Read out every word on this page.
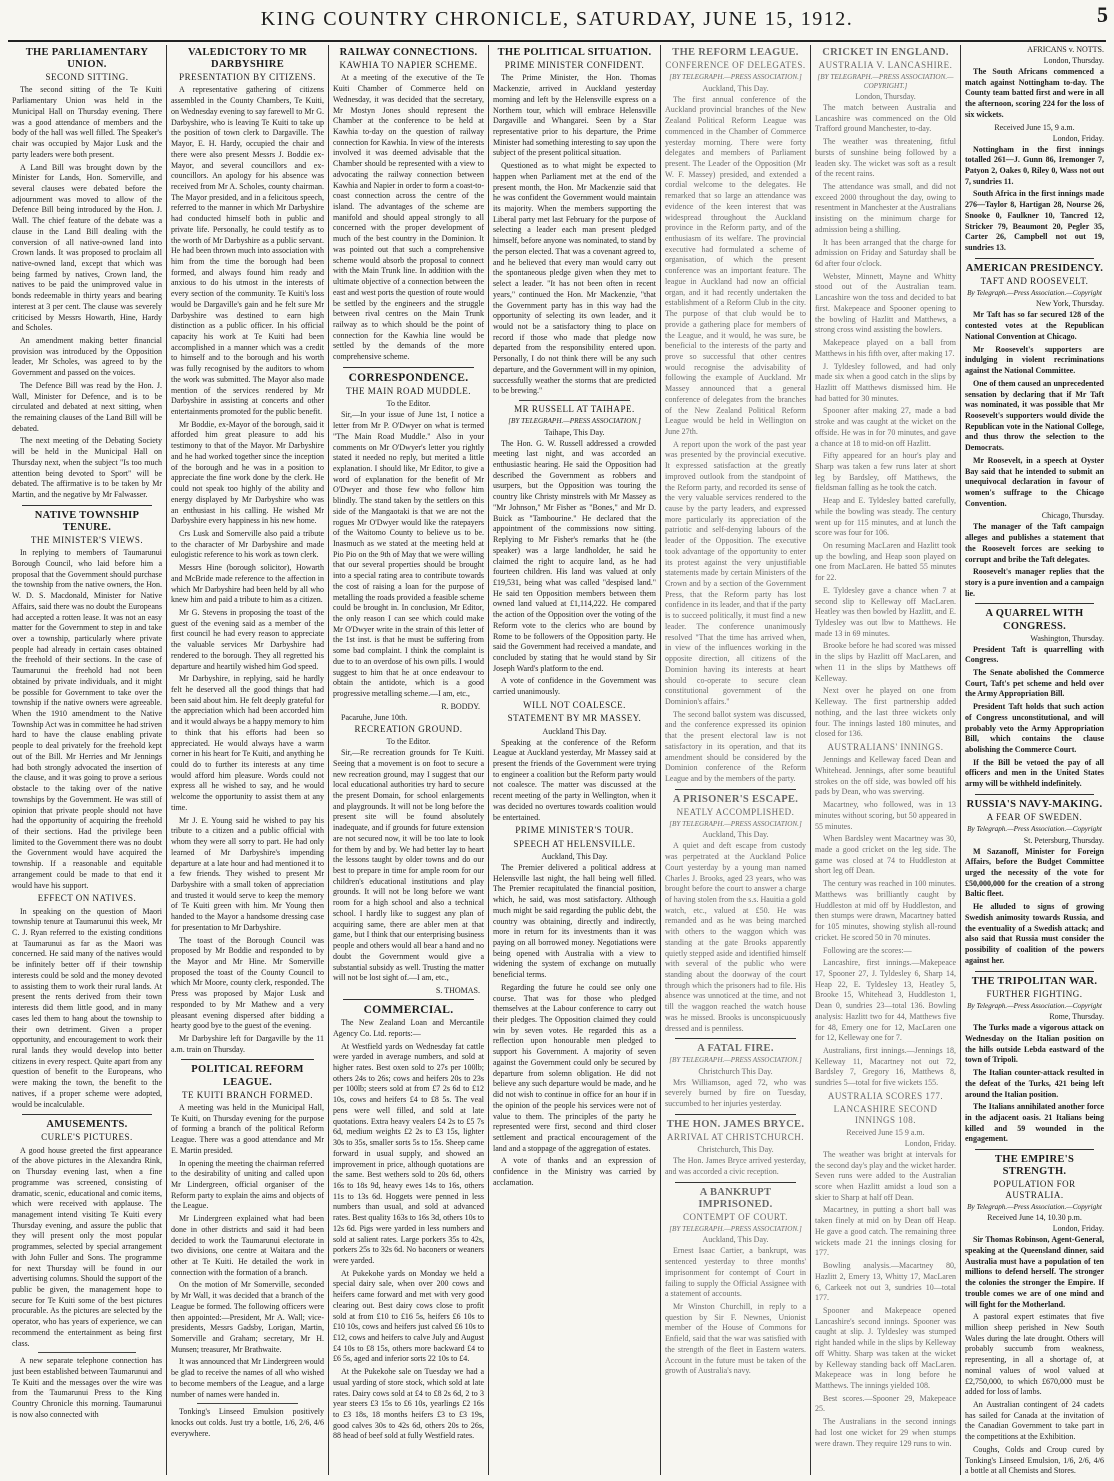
KING COUNTRY CHRONICLE, SATURDAY, JUNE 15, 1912.	5
THE PARLIAMENTARY UNION.
SECOND SITTING.

The second sitting of the Te Kuiti Parliamentary Union was held in the Municipal Hall on Thursday evening. There was a good attendance of members and the body of the hall was well filled. The Speaker's chair was occupied by Major Lusk and the party leaders were both present.

A Land Bill was brought down by the Minister for Lands, Hon. Somerville, and several clauses were debated before the adjournment was moved to allow of the Defence Bill being introduced by the Hon. J. Wall. The chief feature of the debate was a clause in the Land Bill dealing with the conversion of all native-owned land into Crown lands. It was proposed to proclaim all native-owned land, except that which was being farmed by natives, Crown land, the natives to be paid the unimproved value in bonds redeemable in thirty years and bearing interest at 3 per cent. The clause was severely criticised by Messrs Howarth, Hine, Hardy and Scholes.

An amendment making better financial provision was introduced by the Opposition leader, Mr Scholes, was agreed to by the Government and passed on the voices.

The Defence Bill was read by the Hon. J. Wall, Minister for Defence, and is to be circulated and debated at next sitting, when the remaining clauses of the Land Bill will be debated.

The next meeting of the Debating Society will be held in the Municipal Hall on Thursday next, when the subject "Is too much attention being devoted to Sport" will be debated. The affirmative is to be taken by Mr Martin, and the negative by Mr Falwasser.

NATIVE TOWNSHIP TENURE.
THE MINISTER'S VIEWS.

In replying to members of Taumarunui Borough Council, who laid before him a proposal that the Government should purchase the township from the native owners, the Hon. W. D. S. Macdonald, Minister for Native Affairs, said there was no doubt the Europeans had accepted a rotten lease. It was not an easy matter for the Government to step in and take over a township, particularly where private people had already in certain cases obtained the freehold of their sections. In the case of Taumarunui the freehold had not been obtained by private individuals, and it might be possible for Government to take over the township if the native owners were agreeable. When the 1910 amendment to the Native Township Act was in committee he had striven hard to have the clause enabling private people to deal privately for the freehold kept out of the Bill. Mr Herries and Mr Jennings had both strongly advocated the insertion of the clause, and it was going to prove a serious obstacle to the taking over of the native townships by the Government. He was still of opinion that private people should not have had the opportunity of acquiring the freehold of their sections. Had the privilege been limited to the Government there was no doubt the Government would have acquired the township. If a reasonable and equitable arrangement could be made to that end it would have his support.

EFFECT ON NATIVES.

In speaking on the question of Maori township tenure at Taumarunui this week, Mr C. J. Ryan referred to the existing conditions at Taumarunui as far as the Maori was concerned. He said many of the natives would be infinitely better off if their township interests could be sold and the money devoted to assisting them to work their rural lands. At present the rents derived from their town interests did them little good, and in many cases led them to hang about the township to their own detriment. Given a proper opportunity, and encouragement to work their rural lands they would develop into better citizens in every respect. Quite apart from any question of benefit to the Europeans, who were making the town, the benefit to the natives, if a proper scheme were adopted, would be incalculable.

AMUSEMENTS.
CURLE'S PICTURES.

A good house greeted the first appearance of the above pictures in the Alexandra Rink, on Thursday evening last, when a fine programme was screened, consisting of dramatic, scenic, educational and comic items, which were received with applause. The management intend visiting Te Kuiti every Thursday evening, and assure the public that they will present only the most popular programmes, selected by special arrangement with John Fuller and Sons. The programme for next Thursday will be found in our advertising columns. Should the support of the public be given, the management hope to secure for Te Kuiti some of the best pictures procurable. As the pictures are selected by the operator, who has years of experience, we can recommend the entertainment as being first class.

A new separate telephone connection has just been established between Taumarunui and Te Kuiti and the messages over the wire was from the Taumarunui Press to the King Country Chronicle this morning. Taumarunui is now also connected with

VALEDICTORY TO MR DARBYSHIRE
PRESENTATION BY CITIZENS.

A representative gathering of citizens assembled in the County Chambers, Te Kuiti, on Wednesday evening to say farewell to Mr G. Darbyshire, who is leaving Te Kuiti to take up the position of town clerk to Dargaville. The Mayor, E. H. Hardy, occupied the chair and there were also present Messrs J. Boddie ex-Mayor, and several councillors and ex-councillors. An apology for his absence was received from Mr A. Scholes, county chairman. The Mayor presided, and in a felicitous speech, referred to the manner in which Mr Darbyshire had conducted himself both in public and private life. Personally, he could testify as to the worth of Mr Darbyshire as a public servant. He had been thrown much into association with him from the time the borough had been formed, and always found him ready and anxious to do his utmost in the interests of every section of the community. Te Kuiti's loss would be Dargaville's gain and he felt sure Mr Darbyshire was destined to earn high distinction as a public officer. In his official capacity his work at Te Kuiti had been accomplished in a manner which was a credit to himself and to the borough and his worth was fully recognised by the auditors to whom the work was submitted. The Mayor also made mention of the services rendered by Mr Darbyshire in assisting at concerts and other entertainments promoted for the public benefit.

Mr Boddie, ex-Mayor of the borough, said it afforded him great pleasure to add his testimony to that of the Mayor. Mr Darbyshire and he had worked together since the inception of the borough and he was in a position to appreciate the fine work done by the clerk. He could not speak too highly of the ability and energy displayed by Mr Darbyshire who was an enthusiast in his calling. He wished Mr Darbyshire every happiness in his new home.

Crs Lusk and Somerville also paid a tribute to the character of Mr Darbyshire and made eulogistic reference to his work as town clerk.

Messrs Hine (borough solicitor), Howarth and McBride made reference to the affection in which Mr Darbyshire had been held by all who knew him and paid a tribute to him as a citizen.

Mr G. Stevens in proposing the toast of the guest of the evening said as a member of the first council he had every reason to appreciate the valuable services Mr Darbyshire had rendered to the borough. They all regretted his departure and heartily wished him God speed.

Mr Darbyshire, in replying, said he hardly felt he deserved all the good things that had been said about him. He felt deeply grateful for the appreciation which had been accorded him and it would always be a happy memory to him to think that his efforts had been so appreciated. He would always have a warm corner in his heart for Te Kuiti, and anything he could do to further its interests at any time would afford him pleasure. Words could not express all he wished to say, and he would welcome the opportunity to assist them at any time.

Mr J. E. Young said he wished to pay his tribute to a citizen and a public official with whom they were all sorry to part. He had only learned of Mr Darbyshire's impending departure at a late hour and had mentioned it to a few friends. They wished to present Mr Darbyshire with a small token of appreciation and trusted it would serve to keep the memory of Te Kuiti green with him. Mr Young then handed to the Mayor a handsome dressing case for presentation to Mr Darbyshire.

The toast of the Borough Council was proposed by Mr Boddie and responded to by the Mayor and Mr Hine. Mr Somerville proposed the toast of the County Council to which Mr Moore, county clerk, responded. The Press was proposed by Major Lusk and responded to by Mr Mathew and a very pleasant evening dispersed after bidding a hearty good bye to the guest of the evening.

Mr Darbyshire left for Dargaville by the 11 a.m. train on Thursday.

POLITICAL REFORM LEAGUE.
TE KUITI BRANCH FORMED.

A meeting was held in the Municipal Hall, Te Kuiti, on Thursday evening for the purpose of forming a branch of the political Reform League. There was a good attendance and Mr E. Martin presided.

In opening the meeting the chairman referred to the desirability of uniting and called upon Mr Lindergreen, official organiser of the Reform party to explain the aims and objects of the League.

Mr Lindergreen explained what had been done in other districts and said it had been decided to work the Taumarunui electorate in two divisions, one centre at Waitara and the other at Te Kuiti. He detailed the work in connection with the formation of a branch.

On the motion of Mr Somerville, seconded by Mr Wall, it was decided that a branch of the League be formed. The following officers were then appointed:—President, Mr A. Wall; vice-presidents, Messrs Gadsby, Lorigan, Martin, Somerville and Graham; secretary, Mr H. Munsen; treasurer, Mr Brathwaite.

It was announced that Mr Lindergreen would be glad to receive the names of all who wished to become members of the League, and a large number of names were handed in.

Tonking's Linseed Emulsion positively knocks out colds. Just try a bottle, 1/6, 2/6, 4/6 everywhere.

RAILWAY CONNECTIONS.
KAWHIA TO NAPIER SCHEME.

At a meeting of the executive of the Te Kuiti Chamber of Commerce held on Wednesday, it was decided that the secretary, Mr Mostyn Jones should represent the Chamber at the conference to be held at Kawhia to-day on the question of railway connection for Kawhia. In view of the interests involved it was deemed advisable that the Chamber should be represented with a view to advocating the railway connection between Kawhia and Napier in order to form a coast-to-coast connection across the centre of the island. The advantages of the scheme are manifold and should appeal strongly to all concerned with the proper development of much of the best country in the Dominion. It was pointed out that such a comprehensive scheme would absorb the proposal to connect with the Main Trunk line. In addition with the ultimate objective of a connection between the east and west ports the question of route would be settled by the engineers and the struggle between rival centres on the Main Trunk railway as to which should be the point of connection for the Kawhia line would be settled by the demands of the more comprehensive scheme.

CORRESPONDENCE.
THE MAIN ROAD MUDDLE.
To the Editor.

Sir,—In your issue of June 1st, I notice a letter from Mr P. O'Dwyer on what is termed "The Main Road Muddle." Also in your comments on Mr O'Dwyer's letter you rightly stated it needed no reply, but merited a little explanation. I should like, Mr Editor, to give a word of explanation for the benefit of Mr O'Dwyer and those few who follow him blindly. The stand taken by the settlers on this side of the Mangaotaki is that we are not the rogues Mr O'Dwyer would like the ratepayers of the Waitomo County to believe us to be. Inasmuch as we stated at the meeting held at Pio Pio on the 9th of May that we were willing that our several properties should be brought into a special rating area to contribute towards the cost of raising a loan for the purpose of metalling the roads provided a feasible scheme could be brought in. In conclusion, Mr Editor, the only reason I can see which could make Mr O'Dwyer write in the strain of this letter of the 1st inst. is that he must be suffering from some bad complaint. I think the complaint is due to to an overdose of his own pills. I would suggest to him that he at once endeavour to obtain the antidote, which is a good progressive metalling scheme.—I am, etc.,

R. BODDY.
Pacaruhe, June 10th.
RECREATION GROUND.
To the Editor.

Sir,—Re recreation grounds for Te Kuiti. Seeing that a movement is on foot to secure a new recreation ground, may I suggest that our local educational authorities try hard to secure the present Domain, for school enlargements and playgrounds. It will not be long before the present site will be found absolutely inadequate, and if grounds for future extension are not secured now, it will be too late to look for them by and by. We had better lay to heart the lessons taught by older towns and do our best to prepare in time for ample room for our children's educational institutions and play grounds. It will not be long before we want room for a high school and also a technical school. I hardly like to suggest any plan of acquiring same, there are abler men at that game, but I think that our enterprising business people and others would all bear a hand and no doubt the Government would give a substantial subsidy as well. Trusting the matter will not be lost sight of.—I am, etc.,

S. THOMAS.
COMMERCIAL.

The New Zealand Loan and Mercantile Agency Co. Ltd. reports:—

At Westfield yards on Wednesday fat cattle were yarded in average numbers, and sold at higher rates. Best oxen sold to 27s per 100lb; others 24s to 26s; cows and heifers 20s to 23s per 100lb; steers sold at from £7 2s 6d to £12 10s, cows and heifers £4 to £8 5s. The veal pens were well filled, and sold at late quotations. Extra heavy vealers £4 2s to £5 7s 6d, medium weights £2 2s to £3 15s, lighter 30s to 35s, smaller sorts 5s to 15s. Sheep came forward in usual supply, and showed an improvement in price, although quotations are the same. Best wethers sold to 20s 6d, others 16s to 18s 9d, heavy ewes 14s to 16s, others 11s to 13s 6d. Hoggets were penned in less numbers than usual, and sold at advanced rates. Best quality 163s to 16s 3d, others 10s to 12s 6d. Pigs were yarded in less numbers and sold at salient rates. Large porkers 35s to 42s, porkers 25s to 32s 6d. No baconers or weaners were yarded.

At Pukekohe yards on Monday we held a special dairy sale, when over 200 cows and heifers came forward and met with very good clearing out. Best dairy cows close to profit sold at from £10 to £16 5s, heifers £6 10s to £10 10s, cows and heifers just calved £6 10s to £12, cows and heifers to calve July and August £4 10s to £8 15s, others more backward £4 to £6 5s, aged and inferior sorts 22 10s to £4.

At the Pukekohe sale on Tuesday we had a usual yarding of store stock, which sold at late rates. Dairy cows sold at £4 to £8 2s 6d, 2 to 3 year steers £3 15s to £6 10s, yearlings £2 16s to £3 18s, 18 months heifers £3 to £3 19s, good calves 30s to 42s 6d, others 20s to 26s, 88 head of beef sold at fully Westfield rates.

THE POLITICAL SITUATION.
PRIME MINISTER CONFIDENT.

The Prime Minister, the Hon. Thomas Mackenzie, arrived in Auckland yesterday morning and left by the Helensville express on a Northern tour, which will embrace Helensville Dargaville and Whangarei. Seen by a Star representative prior to his departure, the Prime Minister had something interesting to say upon the subject of the present political situation.

Questioned as to what might be expected to happen when Parliament met at the end of the present month, the Hon. Mr Mackenzie said that he was confident the Government would maintain its majority. When the members supporting the Liberal party met last February for the purpose of selecting a leader each man present pledged himself, before anyone was nominated, to stand by the person elected. That was a covenant agreed to, and he believed that every man would carry out the spontaneous pledge given when they met to select a leader. "It has not been often in recent years," continued the Hon. Mr Mackenzie, "that the Government party has in this way had the opportunity of selecting its own leader, and it would not be a satisfactory thing to place on record if those who made that pledge now departed from the responsibility entered upon. Personally, I do not think there will be any such departure, and the Government will in my opinion, successfully weather the storms that are predicted to be brewing."

MR RUSSELL AT TAIHAPE.
[BY TELEGRAPH.—PRESS ASSOCIATION.]
Taihape, This Day.

The Hon. G. W. Russell addressed a crowded meeting last night, and was accorded an enthusiastic hearing. He said the Opposition had described the Government as robbers and usurpers, but the Opposition was touring the country like Christy minstrels with Mr Massey as "Mr Johnson," Mr Fisher as "Bones," and Mr D. Buick as "Tambourine." He declared that the appointment of the commissions now sitting. Replying to Mr Fisher's remarks that he (the speaker) was a large landholder, he said he claimed the right to acquire land, as he had fourteen children. His land was valued at only £19,531, being what was called "despised land." He said ten Opposition members between them owned land valued at £1,114,222. He compared the action of the Opposition over the voting of the Reform vote to the clerics who are bound by Rome to be followers of the Opposition party. He said the Government had received a mandate, and concluded by stating that he would stand by Sir Joseph Ward's platform to the end.

A vote of confidence in the Government was carried unanimously.

WILL NOT COALESCE.
STATEMENT BY MR MASSEY.
Auckland This Day.

Speaking at the conference of the Reform League at Auckland yesterday, Mr Massey said at present the friends of the Government were trying to engineer a coalition but the Reform party would not coalesce. The matter was discussed at the recent meeting of the party in Wellington, when it was decided no overtures towards coalition would be entertained.

PRIME MINISTER'S TOUR.
SPEECH AT HELENSVILLE.
Auckland, This Day.

The Premier delivered a political address at Helensville last night, the hall being well filled. The Premier recapitulated the financial position, which, he said, was most satisfactory. Although much might be said regarding the public debt, the country was obtaining, directly and indirectly, more in return for its investments than it was paying on all borrowed money. Negotiations were being opened with Australia with a view to widening the system of exchange on mutually beneficial terms.

Regarding the future he could see only one course. That was for those who pledged themselves at the Labour conference to carry out their pledges. The Opposition claimed they could win by seven votes. He regarded this as a reflection upon honourable men pledged to support his Government. A majority of seven against the Government could only be secured by departure from solemn obligation. He did not believe any such departure would be made, and he did not wish to continue in office for an hour if in the opinion of the people his services were not of value to them. The principles of the party he represented were first, second and third closer settlement and practical encouragement of the land and a stoppage of the aggregation of estates.

A vote of thanks and an expression of confidence in the Ministry was carried by acclamation.

THE REFORM LEAGUE.
CONFERENCE OF DELEGATES.
[BY TELEGRAPH.—PRESS ASSOCIATION.]
Auckland, This Day.

The first annual conference of the Auckland provincial branches of the New Zealand Political Reform League was commenced in the Chamber of Commerce yesterday morning. There were forty delegates and members of Parliament present. The Leader of the Opposition (Mr W. F. Massey) presided, and extended a cordial welcome to the delegates. He remarked that so large an attendance was evidence of the keen interest that was widespread throughout the Auckland province in the Reform party, and of the enthusiasm of its welfare. The provincial executive had formulated a scheme of organisation, of which the present conference was an important feature. The league in Auckland had now an official organ, and it had recently undertaken the establishment of a Reform Club in the city. The purpose of that club would be to provide a gathering place for members of the League, and it would, he was sure, be beneficial to the interests of the party and prove so successful that other centres would recognise the advisability of following the example of Auckland. Mr Massey announced that a general conference of delegates from the branches of the New Zealand Political Reform League would be held in Wellington on June 27th.

A report upon the work of the past year was presented by the provincial executive. It expressed satisfaction at the greatly improved outlook from the standpoint of the Reform party, and recorded its sense of the very valuable services rendered to the cause by the party leaders, and expressed more particularly its appreciation of the patriotic and self-denying labours of the leader of the Opposition. The executive took advantage of the opportunity to enter its protest against the very unjustifiable statements made by certain Ministers of the Crown and by a section of the Government Press, that the Reform party has lost confidence in its leader, and that if the party is to succeed politically, it must find a new leader. The conference unanimously resolved "That the time has arrived when, in view of the influences working in the opposite direction, all citizens of the Dominion having its interests at heart should co-operate to secure clean constitutional government of the Dominion's affairs."

The second ballot system was discussed, and the conference expressed its opinion that the present electoral law is not satisfactory in its operation, and that its amendment should be considered by the Dominion conference of the Reform League and by the members of the party.

A PRISONER'S ESCAPE.
NEATLY ACCOMPLISHED.
[BY TELEGRAPH.—PRESS ASSOCIATION.]
Auckland, This Day.

A quiet and deft escape from custody was perpetrated at the Auckland Police Court yesterday by a young man named Charles J. Brooks, aged 23 years, who was brought before the court to answer a charge of having stolen from the s.s. Hauitia a gold watch, etc., valued at £50. He was remanded and as he was being marched with others to the waggon which was standing at the gate Brooks apparently quietly stepped aside and identified himself with several of the public who were standing about the doorway of the court through which the prisoners had to file. His absence was unnoticed at the time, and not till the waggon reached the watch house was he missed. Brooks is unconspicuously dressed and is penniless.

A FATAL FIRE.
[BY TELEGRAPH.—PRESS ASSOCIATION.]
Christchurch This Day.

Mrs Williamson, aged 72, who was severely burned by fire on Tuesday, succumbed to her injuries yesterday.

THE HON. JAMES BRYCE.
ARRIVAL AT CHRISTCHURCH.
Christchurch, This Day.

The Hon. James Bryce arrived yesterday, and was accorded a civic reception.

A BANKRUPT IMPRISONED.
CONTEMPT OF COURT.
[BY TELEGRAPH.—PRESS ASSOCIATION.]
Auckland, This Day.

Ernest Isaac Cartier, a bankrupt, was sentenced yesterday to three months' imprisonment for contempt of Court in failing to supply the Official Assignee with a statement of accounts.

Mr Winston Churchill, in reply to a question by Sir F. Newnes, Unionist member of the House of Commons for Enfield, said that the war was satisfied with the strength of the fleet in Eastern waters. Account in the future must be taken of the growth of Australia's navy.

CRICKET IN ENGLAND.
AUSTRALIA V. LANCASHIRE.
[BY TELEGRAPH.—PRESS ASSOCIATION.—COPYRIGHT.]
London, Thursday.

The match between Australia and Lancashire was commenced on the Old Trafford ground Manchester, to-day.

The weather was threatening, fitful bursts of sunshine being followed by a leaden sky. The wicket was soft as a result of the recent rains.

The attendance was small, and did not exceed 2000 throughout the day, owing to resentment in Manchester at the Australians insisting on the minimum charge for admission being a shilling.

It has been arranged that the charge for admission on Friday and Saturday shall be 6d after four o'clock.

Webster, Minnett, Mayne and Whitty stood out of the Australian team. Lancashire won the toss and decided to bat first. Makepeace and Spooner opening to the bowling of Hazlitt and Matthews, a strong cross wind assisting the bowlers.

Makepeace played on a ball from Matthews in his fifth over, after making 17.

J. Tyldesley followed, and had only made six when a good catch in the slips by Hazlitt off Matthews dismissed him. He had batted for 30 minutes.

Spooner after making 27, made a bad stroke and was caught at the wicket on the offside. He was in for 70 minutes, and gave a chance at 18 to mid-on off Hazlitt.

Fifty appeared for an hour's play and Sharp was taken a few runs later at short leg by Bardsley, off Matthews, the fieldsman falling as he took the catch.

Heap and E. Tyldesley batted carefully, while the bowling was steady. The century went up for 115 minutes, and at lunch the score was four for 106.

On resuming MacLaren and Hazlitt took up the bowling, and Heap soon played on one from MacLaren. He batted 55 minutes for 22.

E. Tyldesley gave a chance when 7 at second slip to Kelleway off MacLaren. Heatley was then bowled by Hazlitt, and E. Tyldesley was out lbw to Matthews. He made 13 in 69 minutes.

Brooke before he had scored was missed in the slips by Hazlitt off MacLaren, and when 11 in the slips by Matthews off Kelleway.

Next over he played on one from Kelleway. The first partnership added nothing, and the last three wickets only four. The innings lasted 180 minutes, and closed for 136.

AUSTRALIANS' INNINGS.

Jennings and Kelleway faced Dean and Whitehead. Jennings, after some beautiful strokes on the off side, was bowled off his pads by Dean, who was swerving.

Macartney, who followed, was in 13 minutes without scoring, but 50 appeared in 55 minutes.

When Bardsley went Macartney was 30, made a good cricket on the leg side. The game was closed at 74 to Huddleston at short leg off Dean.

The century was reached in 100 minutes. Matthews was brilliantly caught by Huddleston at mid off by Huddleston, and then stumps were drawn, Macartney batted for 105 minutes, showing stylish all-round cricket. He scored 50 in 70 minutes.

Following are the scores:—

Lancashire, first innings.—Makepeace 17, Spooner 27, J. Tyldesley 6, Sharp 14, Heap 22, E. Tyldesley 13, Heatley 5, Brooke 15, Whitehead 3, Huddleston 1, Dean 0, sundries 23—total 136. Bowling analysis: Hazlitt two for 44, Matthews five for 48, Emery one for 12, MacLaren one for 12, Kelleway one for 7.

Australians, first innings.—Jennings 18, Kelleway 11, Macartney not out 72, Bardsley 7, Gregory 16, Matthews 8, sundries 5—total for five wickets 155.

AUSTRALIA SCORES 177.
LANCASHIRE SECOND INNINGS 108.
Received June 15 9 a.m.
London, Friday.

The weather was bright at intervals for the second day's play and the wicket harder. Seven runs were added to the Australian score when Hazlitt amidst a loud son a skier to Sharp at half off Dean.

Macartney, in putting a short ball was taken finely at mid on by Dean off Heap. He gave a good catch. The remaining three wickets made 21 the innings closing for 177.

Bowling analysis.—Macartney 80, Hazlitt 2, Emery 13, Whitty 17, MacLaren 6, Carkeek not out 3, sundries 10—total 177.

Spooner and Makepeace opened Lancashire's second innings. Spooner was caught at slip. J. Tyldesley was stumped right handed while in the slips by Kelleway off Whitty. Sharp was taken at the wicket by Kelleway standing back off MacLaren. Makepeace was in long before he Matthews. The innings yielded 108.

Best scores.—Spooner 29, Makepeace 25.

The Australians in the second innings had lost one wicket for 29 when stumps were drawn. They require 129 runs to win.

AFRICANS v. NOTTS.
London, Thursday.

The South Africans commenced a match against Nottingham to-day. The County team batted first and were in all the afternoon, scoring 224 for the loss of six wickets.

Received June 15, 9 a.m.
London, Friday.

Nottingham in the first innings totalled 261—J. Gunn 86, Iremonger 7, Patyon 2, Oakes 0, Riley 0, Wass not out 7, sundries 11.

South Africa in the first innings made 276—Taylor 8, Hartigan 28, Nourse 26, Snooke 0, Faulkner 10, Tancred 12, Stricker 79, Beaumont 20, Pegler 35, Carter 26, Campbell not out 19, sundries 13.

AMERICAN PRESIDENCY.
TAFT AND ROOSEVELT.
By Telegraph.—Press Association.—Copyright
New York, Thursday.

Mr Taft has so far secured 128 of the contested votes at the Republican National Convention at Chicago.

Mr Roosevelt's supporters are indulging in violent recriminations against the National Committee.

One of them caused an unprecedented sensation by declaring that if Mr Taft was nominated, it was possible that Mr Roosevelt's supporters would divide the Republican vote in the National College, and thus throw the selection to the Democrats.

Mr Roosevelt, in a speech at Oyster Bay said that he intended to submit an unequivocal declaration in favour of women's suffrage to the Chicago Convention.

Chicago, Thursday.

The manager of the Taft campaign alleges and publishes a statement that the Roosevelt forces are seeking to corrupt and bribe the Taft delegates.

Roosevelt's manager replies that the story is a pure invention and a campaign lie.

A QUARREL WITH CONGRESS.
Washington, Thursday.

President Taft is quarrelling with Congress.

The Senate abolished the Commerce Court, Taft's pet scheme and held over the Army Appropriation Bill.

President Taft holds that such action of Congress unconstitutional, and will probably veto the Army Appropriation Bill, which contains the clause abolishing the Commerce Court.

If the Bill be vetoed the pay of all officers and men in the United States army will be withheld indefinitely.

RUSSIA'S NAVY-MAKING.
A FEAR OF SWEDEN.
By Telegraph.—Press Association.—Copyright
St. Petersburg, Thursday.

M Sazanoff, Minister for Foreign Affairs, before the Budget Committee urged the necessity of the vote for £50,000,000 for the creation of a strong Baltic fleet.

He alluded to signs of growing Swedish animosity towards Russia, and the eventuality of a Swedish attack; and also said that Russia must consider the possibility of coalition of the powers against her.

THE TRIPOLITAN WAR.
FURTHER FIGHTING.
By Telegraph.—Press Association.—Copyright
Rome, Thursday.

The Turks made a vigorous attack on Wednesday on the Italian position on the hills outside Lebda eastward of the town of Tripoli.

The Italian counter-attack resulted in the defeat of the Turks, 421 being left around the Italian position.

The Italians annihilated another force in the adjacent oasis. 21 Italians being killed and 59 wounded in the engagement.

THE EMPIRE'S STRENGTH.
POPULATION FOR AUSTRALIA.
By Telegraph.—Press Association.—Copyright
Received June 14, 10.30 p.m.
London, Friday.

Sir Thomas Robinson, Agent-General, speaking at the Queensland dinner, said Australia must have a population of ten millions to defend herself. The stronger the colonies the stronger the Empire. If trouble comes we are of one mind and will fight for the Motherland.

A pastoral expert estimates that five million sheep perished in New South Wales during the late drought. Others will probably succumb from weakness, representing, in all a shortage of, at nominal values of wool valued at £2,750,000, to which £670,000 must be added for loss of lambs.

An Australian contingent of 24 cadets has sailed for Canada at the invitation of the Canadian Government to take part in the competitions at the Exhibition.

Coughs, Colds and Croup cured by Tonking's Linseed Emulsion, 1/6, 2/6, 4/6 a bottle at all Chemists and Stores.
